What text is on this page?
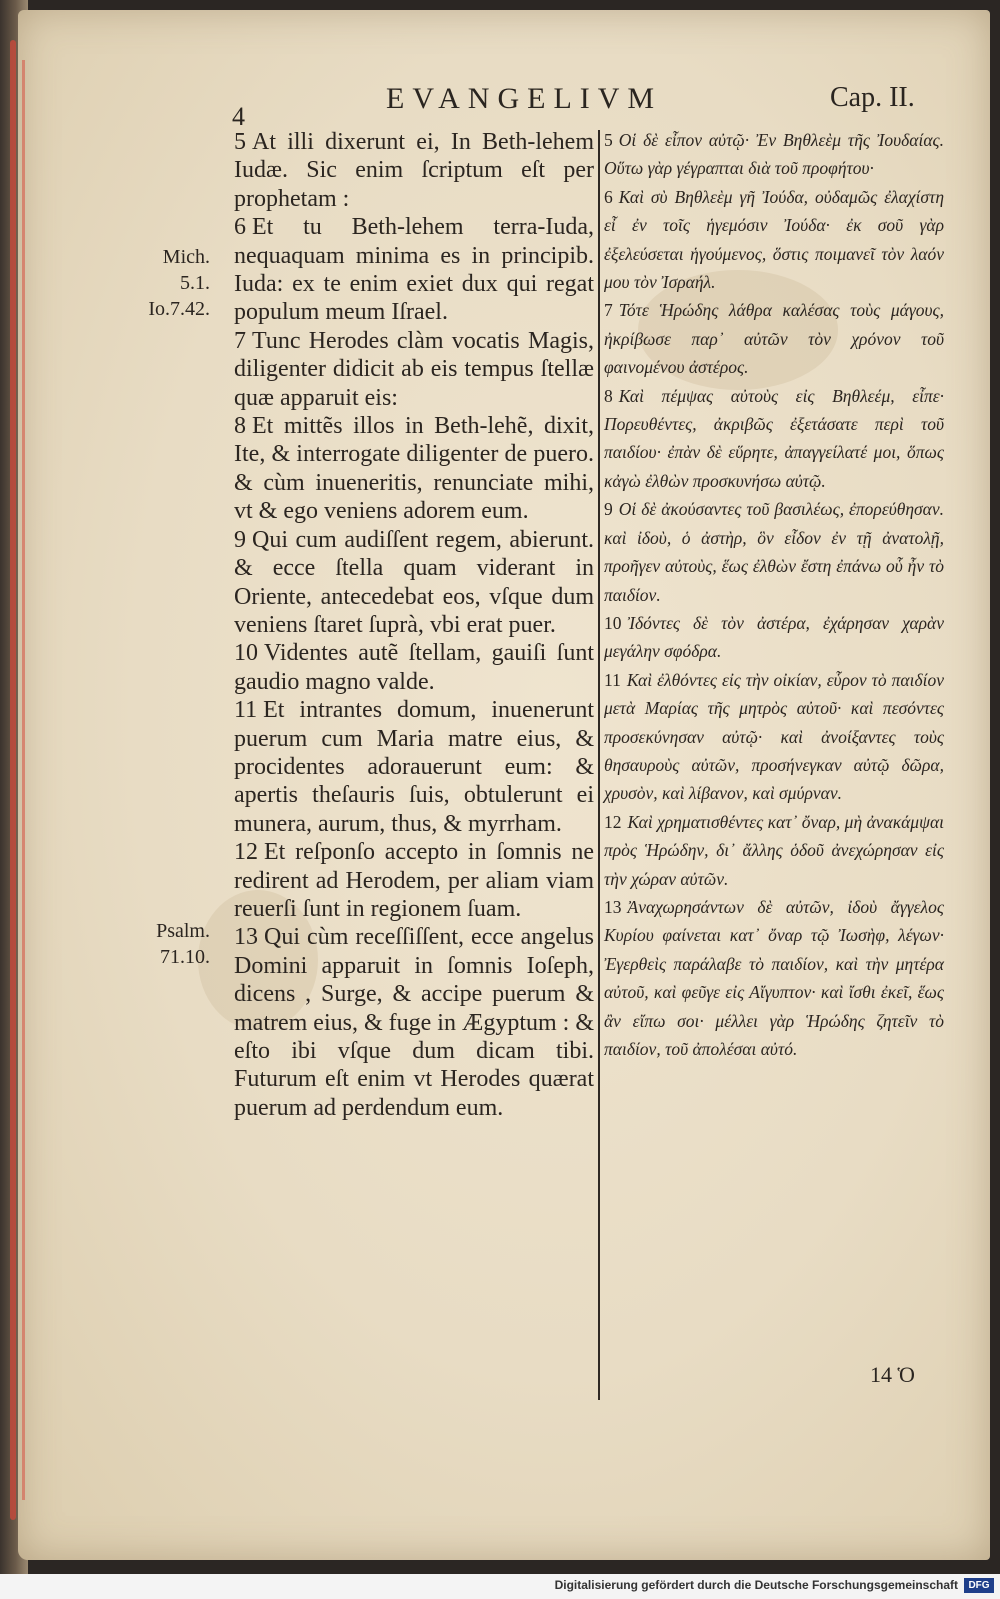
4
EVANGELIVM	Cap. II.
Mich.
5.1.
Io.7.42.
Psalm.
71.10.

5 At illi dixerunt ei, In Beth-lehem Iudæ. Sic enim ſcriptum eſt per prophetam :

6 Et tu Beth-lehem terra-Iuda, nequaquam minima es in principib. Iuda: ex te enim exiet dux qui regat populum meum Iſrael.

7 Tunc Herodes clàm vocatis Magis, diligenter didicit ab eis tempus ſtellæ quæ apparuit eis:

8 Et mittẽs illos in Beth-lehẽ, dixit, Ite, & interrogate diligenter de puero. & cùm inueneritis, renunciate mihi, vt & ego veniens adorem eum.

9 Qui cum audiſſent regem, abierunt. & ecce ſtella quam viderant in Oriente, antecedebat eos, vſque dum veniens ſtaret ſuprà, vbi erat puer.

10 Videntes autẽ ſtellam, gauiſi ſunt gaudio magno valde.

11 Et intrantes domum, inuenerunt puerum cum Maria matre eius, & procidentes adorauerunt eum: & apertis theſauris ſuis, obtulerunt ei munera, aurum, thus, & myrrham.

12 Et reſponſo accepto in ſomnis ne redirent ad Herodem, per aliam viam reuerſi ſunt in regionem ſuam.

13 Qui cùm receſſiſſent, ecce angelus Domini apparuit in ſomnis Ioſeph, dicens , Surge, & accipe puerum & matrem eius, & fuge in Ægyptum : & eſto ibi vſque dum dicam tibi. Futurum eſt enim vt Herodes quærat puerum ad perdendum eum.

5 Οἱ δὲ εἶπον αὐτῷ· Ἐν Βηθλεὲμ τῆς Ἰουδαίας. Οὕτω γὰρ γέγραπται διὰ τοῦ προφήτου·

6 Καὶ σὺ Βηθλεὲμ γῆ Ἰούδα, οὐδαμῶς ἐλαχίστη εἶ ἐν τοῖς ἡγεμόσιν Ἰούδα· ἐκ σοῦ γὰρ ἐξελεύσεται ἡγούμενος, ὅστις ποιμανεῖ τὸν λαόν μου τὸν Ἰσραήλ.

7 Τότε Ἡρώδης λάθρα καλέσας τοὺς μάγους, ἠκρίβωσε παρ᾽ αὐτῶν τὸν χρόνον τοῦ φαινομένου ἀστέρος.

8 Καὶ πέμψας αὐτοὺς εἰς Βηθλεέμ, εἶπε· Πορευθέντες, ἀκριβῶς ἐξετάσατε περὶ τοῦ παιδίου· ἐπὰν δὲ εὕρητε, ἀπαγγείλατέ μοι, ὅπως κἀγὼ ἐλθὼν προσκυνήσω αὐτῷ.

9 Οἱ δὲ ἀκούσαντες τοῦ βασιλέως, ἐπορεύθησαν. καὶ ἰδοὺ, ὁ ἀστὴρ, ὃν εἶδον ἐν τῇ ἀνατολῇ, προῆγεν αὐτοὺς, ἕως ἐλθὼν ἔστη ἐπάνω οὗ ἦν τὸ παιδίον.

10 Ἰδόντες δὲ τὸν ἀστέρα, ἐχάρησαν χαρὰν μεγάλην σφόδρα.

11 Καὶ ἐλθόντες εἰς τὴν οἰκίαν, εὗρον τὸ παιδίον μετὰ Μαρίας τῆς μητρὸς αὐτοῦ· καὶ πεσόντες προσεκύνησαν αὐτῷ· καὶ ἀνοίξαντες τοὺς θησαυροὺς αὐτῶν, προσήνεγκαν αὐτῷ δῶρα, χρυσὸν, καὶ λίβανον, καὶ σμύρναν.

12 Καὶ χρηματισθέντες κατ᾽ ὄναρ, μὴ ἀνακάμψαι πρὸς Ἡρώδην, δι᾽ ἄλλης ὁδοῦ ἀνεχώρησαν εἰς τὴν χώραν αὐτῶν.

13 Ἀναχωρησάντων δὲ αὐτῶν, ἰδοὺ ἄγγελος Κυρίου φαίνεται κατ᾽ ὄναρ τῷ Ἰωσὴφ, λέγων· Ἐγερθεὶς παράλαβε τὸ παιδίον, καὶ τὴν μητέρα αὐτοῦ, καὶ φεῦγε εἰς Αἴγυπτον· καὶ ἴσθι ἐκεῖ, ἕως ἂν εἴπω σοι· μέλλει γὰρ Ἡρώδης ζητεῖν τὸ παιδίον, τοῦ ἀπολέσαι αὐτό.

14 Ὁ
Digitalisierung gefördert durch die Deutsche Forschungsgemeinschaft	DFG
